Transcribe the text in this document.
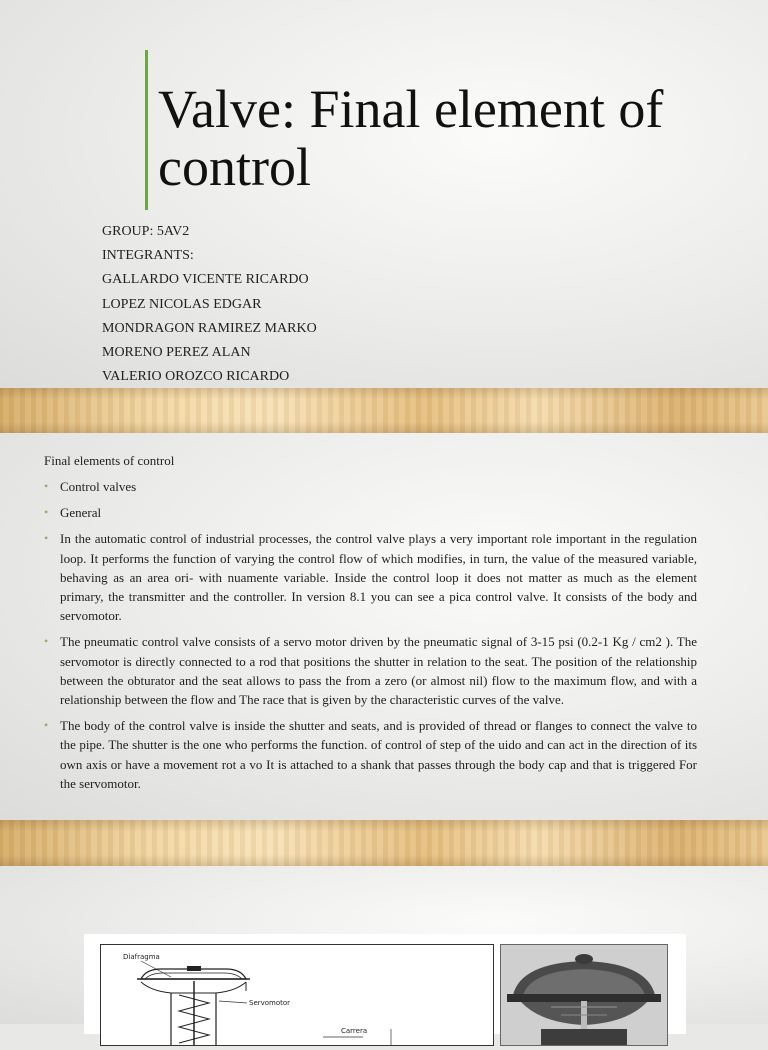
Valve: Final element of control
GROUP: 5AV2
INTEGRANTS:
GALLARDO VICENTE RICARDO
LOPEZ NICOLAS EDGAR
MONDRAGON RAMIREZ MARKO
MORENO PEREZ ALAN
VALERIO OROZCO RICARDO
Final elements of control
• Control valves
• General
• In the automatic control of industrial processes, the control valve plays a very important role important in the regulation loop. It performs the function of varying the control flow of which modifies, in turn, the value of the measured variable, behaving as an area ori- with nuamente variable. Inside the control loop it does not matter as much as the element primary, the transmitter and the controller. In version 8.1 you can see a pica control valve. It consists of the body and servomotor.
• The pneumatic control valve consists of a servo motor driven by the pneumatic signal of 3-15 psi (0.2-1 Kg / cm2 ). The servomotor is directly connected to a rod that positions the shutter in relation to the seat. The position of the relationship between the obturator and the seat allows to pass the from a zero (or almost nil) flow to the maximum flow, and with a relationship between the flow and The race that is given by the characteristic curves of the valve.
• The body of the control valve is inside the shutter and seats, and is provided of thread or flanges to connect the valve to the pipe. The shutter is the one who performs the function. of control of step of the uido and can act in the direction of its own axis or have a movement rot a vo It is attached to a shank that passes through the body cap and that is triggered For the servomotor.
Diafragma
Servomotor
Carrera
